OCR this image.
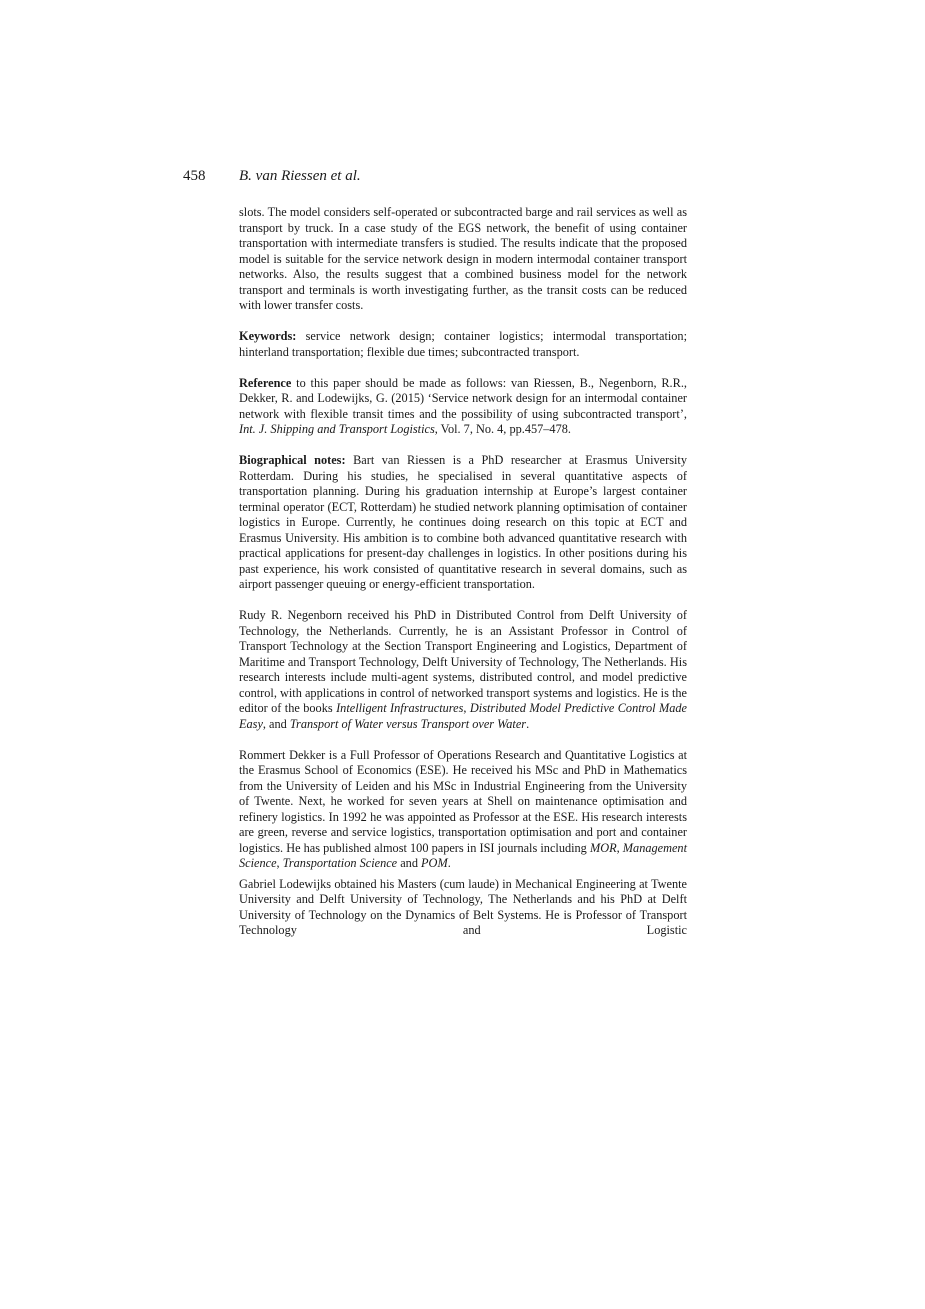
458 B. van Riessen et al.

slots. The model considers self-operated or subcontracted barge and rail services as well as transport by truck. In a case study of the EGS network, the benefit of using container transportation with intermediate transfers is studied. The results indicate that the proposed model is suitable for the service network design in modern intermodal container transport networks. Also, the results suggest that a combined business model for the network transport and terminals is worth investigating further, as the transit costs can be reduced with lower transfer costs.

Keywords: service network design; container logistics; intermodal transportation; hinterland transportation; flexible due times; subcontracted transport.

Reference to this paper should be made as follows: van Riessen, B., Negenborn, R.R., Dekker, R. and Lodewijks, G. (2015) ‘Service network design for an intermodal container network with flexible transit times and the possibility of using subcontracted transport’, Int. J. Shipping and Transport Logistics, Vol. 7, No. 4, pp.457–478.

Biographical notes: Bart van Riessen is a PhD researcher at Erasmus University Rotterdam. During his studies, he specialised in several quantitative aspects of transportation planning. During his graduation internship at Europe’s largest container terminal operator (ECT, Rotterdam) he studied network planning optimisation of container logistics in Europe. Currently, he continues doing research on this topic at ECT and Erasmus University. His ambition is to combine both advanced quantitative research with practical applications for present-day challenges in logistics. In other positions during his past experience, his work consisted of quantitative research in several domains, such as airport passenger queuing or energy-efficient transportation.

Rudy R. Negenborn received his PhD in Distributed Control from Delft University of Technology, the Netherlands. Currently, he is an Assistant Professor in Control of Transport Technology at the Section Transport Engineering and Logistics, Department of Maritime and Transport Technology, Delft University of Technology, The Netherlands. His research interests include multi-agent systems, distributed control, and model predictive control, with applications in control of networked transport systems and logistics. He is the editor of the books Intelligent Infrastructures, Distributed Model Predictive Control Made Easy, and Transport of Water versus Transport over Water.

Rommert Dekker is a Full Professor of Operations Research and Quantitative Logistics at the Erasmus School of Economics (ESE). He received his MSc and PhD in Mathematics from the University of Leiden and his MSc in Industrial Engineering from the University of Twente. Next, he worked for seven years at Shell on maintenance optimisation and refinery logistics. In 1992 he was appointed as Professor at the ESE. His research interests are green, reverse and service logistics, transportation optimisation and port and container logistics. He has published almost 100 papers in ISI journals including MOR, Management Science, Transportation Science and POM.

Gabriel Lodewijks obtained his Masters (cum laude) in Mechanical Engineering at Twente University and Delft University of Technology, The Netherlands and his PhD at Delft University of Technology on the Dynamics of Belt Systems. He is Professor of Transport Technology and Logistic
